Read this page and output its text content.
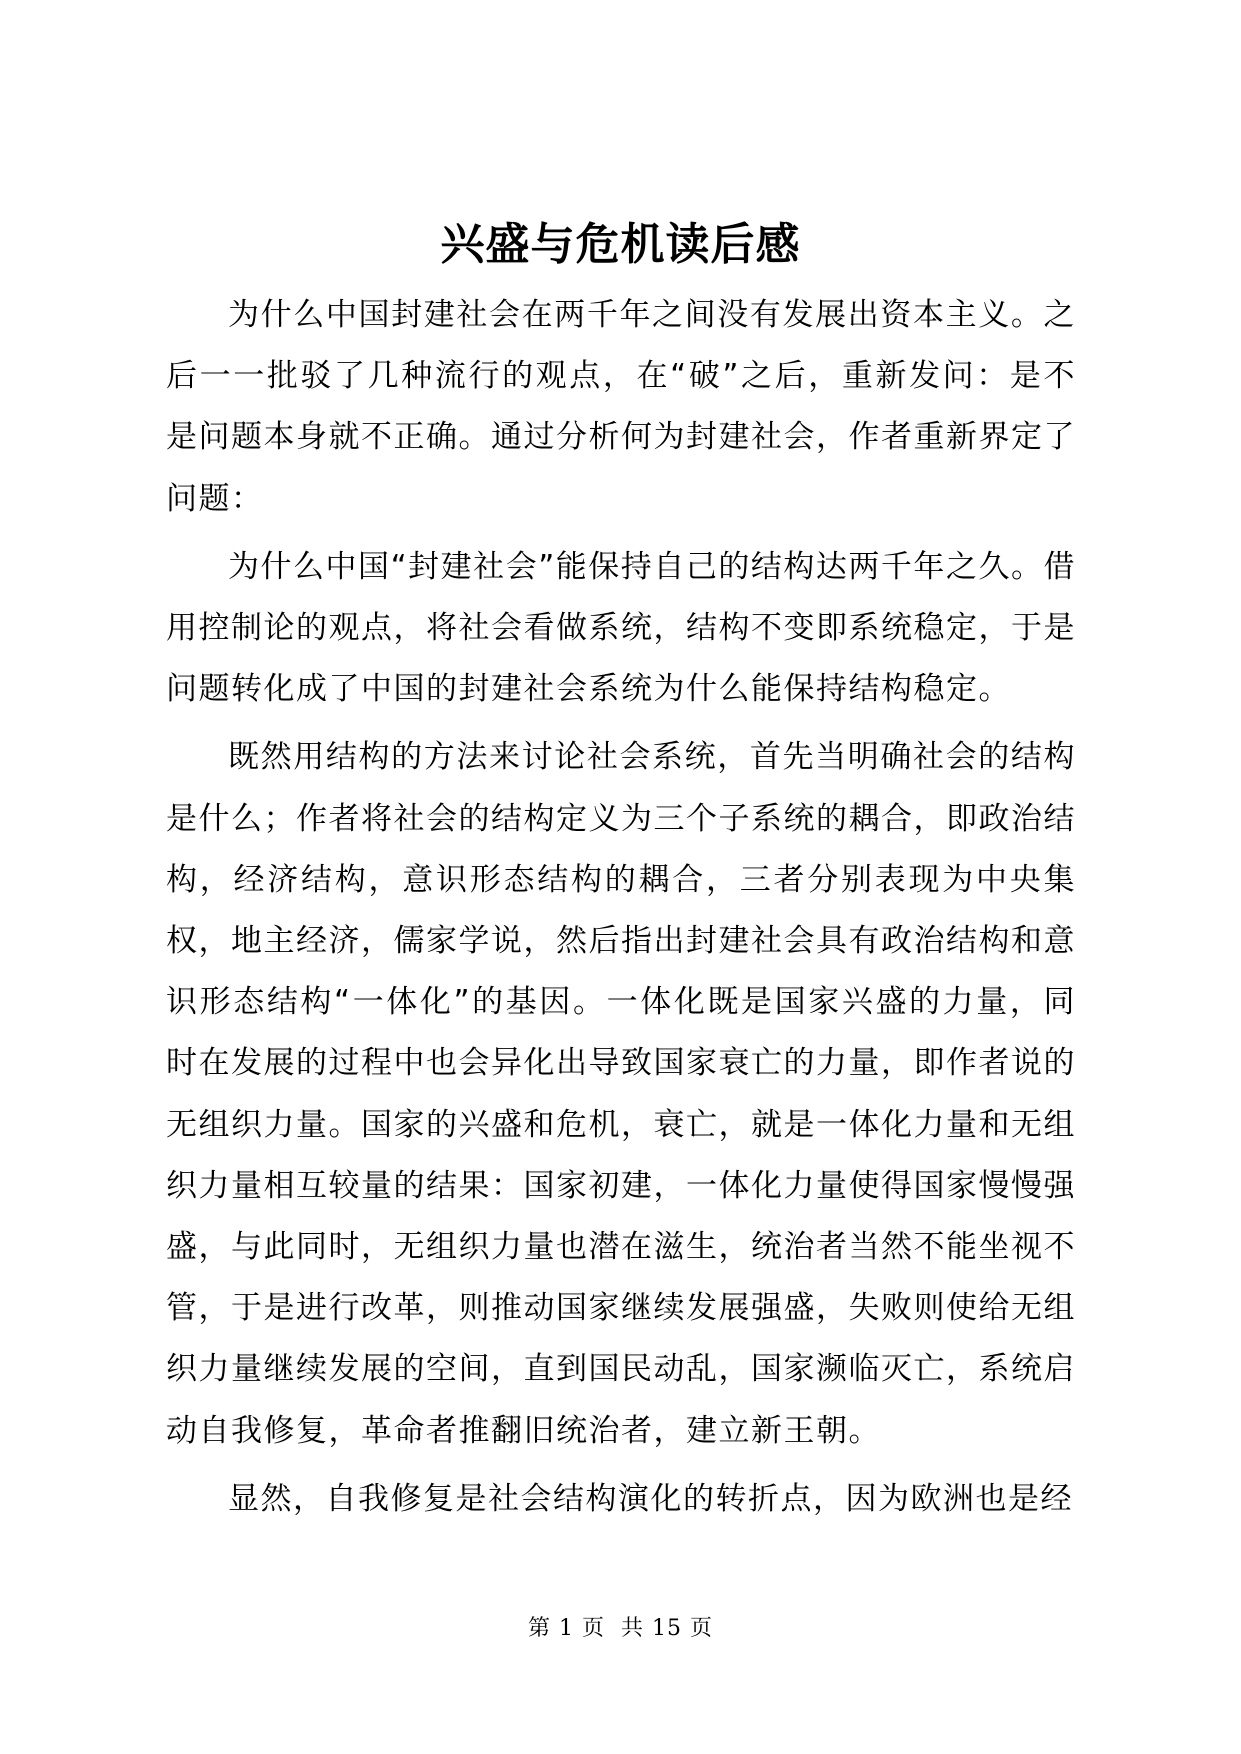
兴盛与危机读后感

为什么中国封建社会在两千年之间没有发展出资本主义。之后一一批驳了几种流行的观点，在“破”之后，重新发问：是不是问题本身就不正确。通过分析何为封建社会，作者重新界定了问题：

为什么中国“封建社会”能保持自己的结构达两千年之久。借用控制论的观点，将社会看做系统，结构不变即系统稳定，于是问题转化成了中国的封建社会系统为什么能保持结构稳定。

既然用结构的方法来讨论社会系统，首先当明确社会的结构是什么；作者将社会的结构定义为三个子系统的耦合，即政治结构，经济结构，意识形态结构的耦合，三者分别表现为中央集权，地主经济，儒家学说，然后指出封建社会具有政治结构和意识形态结构“一体化”的基因。一体化既是国家兴盛的力量，同时在发展的过程中也会异化出导致国家衰亡的力量，即作者说的无组织力量。国家的兴盛和危机，衰亡，就是一体化力量和无组织力量相互较量的结果：国家初建，一体化力量使得国家慢慢强盛，与此同时，无组织力量也潜在滋生，统治者当然不能坐视不管，于是进行改革，则推动国家继续发展强盛，失败则使给无组织力量继续发展的空间，直到国民动乱，国家濒临灭亡，系统启动自我修复，革命者推翻旧统治者，建立新王朝。

显然，自我修复是社会结构演化的转折点，因为欧洲也是经

第 1 页 共 15 页
